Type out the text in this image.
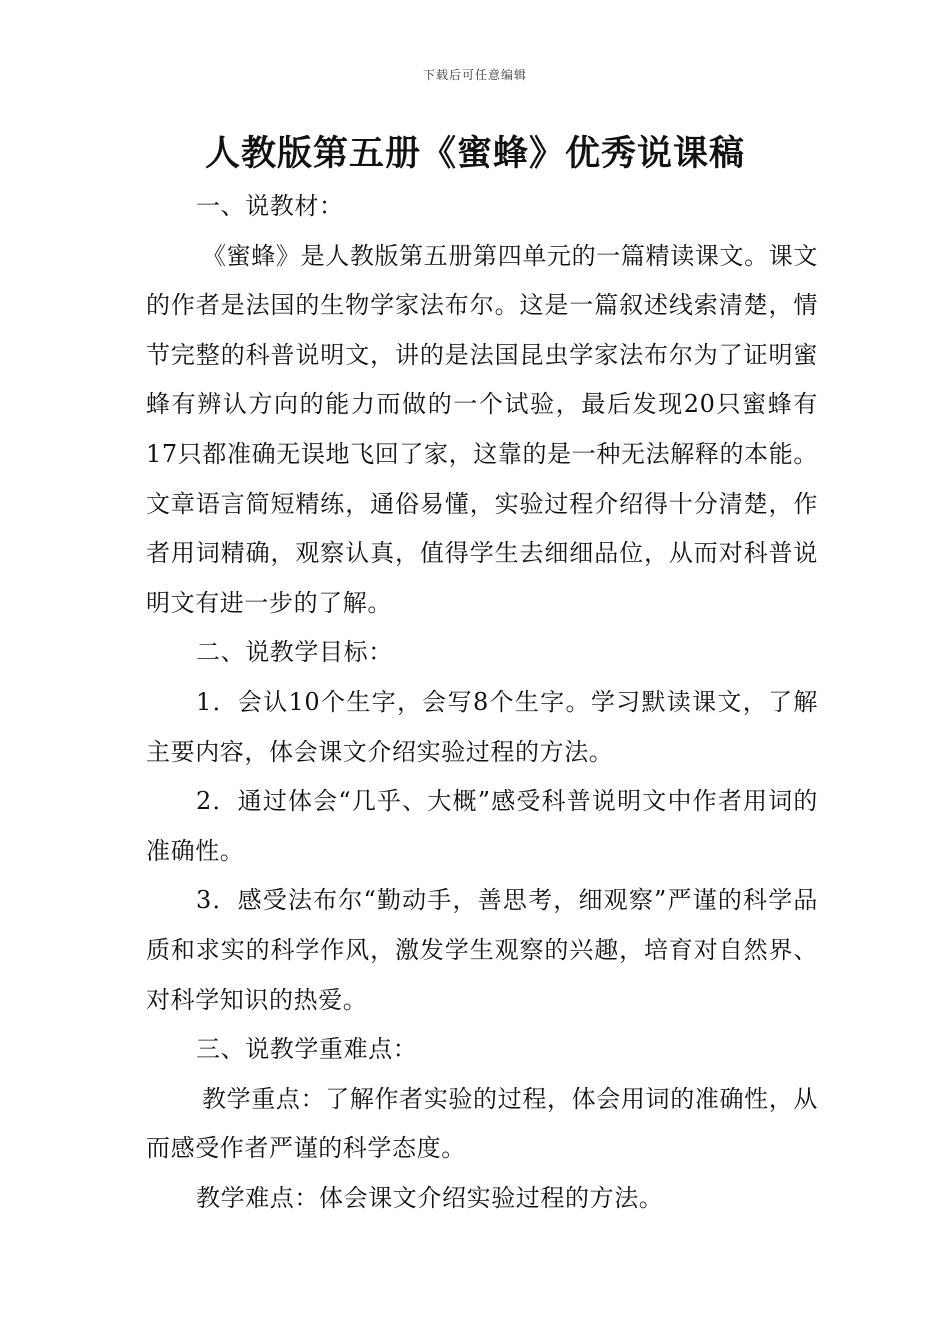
下载后可任意编辑
人教版第五册《蜜蜂》优秀说课稿

一、说教材：

《蜜蜂》是人教版第五册第四单元的一篇精读课文。课文的作者是法国的生物学家法布尔。这是一篇叙述线索清楚，情节完整的科普说明文，讲的是法国昆虫学家法布尔为了证明蜜蜂有辨认方向的能力而做的一个试验，最后发现20只蜜蜂有17只都准确无误地飞回了家，这靠的是一种无法解释的本能。文章语言简短精练，通俗易懂，实验过程介绍得十分清楚，作者用词精确，观察认真，值得学生去细细品位，从而对科普说明文有进一步的了解。

二、说教学目标：

1．会认10个生字，会写8个生字。学习默读课文，了解主要内容，体会课文介绍实验过程的方法。

2．通过体会“几乎、大概”感受科普说明文中作者用词的准确性。

3．感受法布尔“勤动手，善思考，细观察”严谨的科学品质和求实的科学作风，激发学生观察的兴趣，培育对自然界、对科学知识的热爱。

三、说教学重难点：

教学重点：了解作者实验的过程，体会用词的准确性，从而感受作者严谨的科学态度。

教学难点：体会课文介绍实验过程的方法。
